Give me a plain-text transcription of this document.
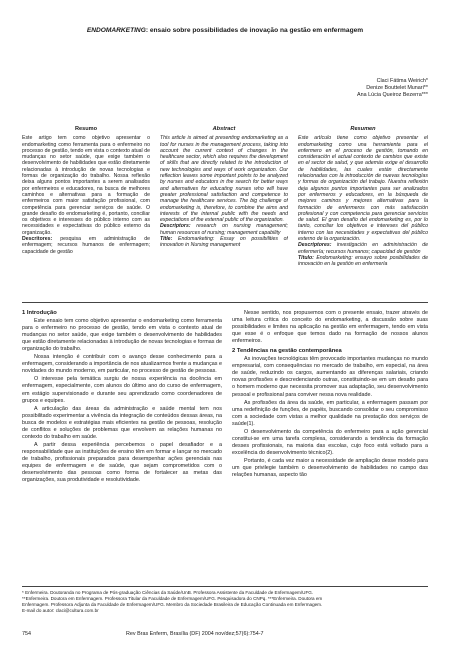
ENDOMARKETING: ensaio sobre possibilidades de inovação na gestão em enfermagem
Claci Fátima Weirich*
Denize Bouttelet Munari**
Ana Lúcia Queiroz Bezerra***
Resumo

Este artigo tem como objetivo apresentar o endomarketing como ferramenta para o enfermeiro no processo de gestão, tendo em vista o contexto atual de mudanças no setor saúde, que exige também o desenvolvimento de habilidades que estão diretamente relacionadas à introdução de novas tecnologias e formas de organização do trabalho. Nossa reflexão deixa alguns pontos importantes a serem analisados por enfermeiros e educadores, na busca de melhores caminhos e alternativas para a formação de enfermeiros com maior satisfação profissional, com competência para gerenciar serviços de saúde. O grande desafio do endomarketing é, portanto, conciliar os objetivos e interesses do público interno com as necessidades e expectativas do público externo da organização.

Descritores: pesquisa em administração de enfermagem; recursos humanos de enfermagem; capacidade de gestão

Abstract

This article is aimed at presenting endomarketing as a tool for nurses in the management process, taking into account the current context of changes in the healthcare sector, which also requires the development of skills that are directly related to the introduction of new technologies and ways of work organization. Our reflection leaves some important points to be analyzed by nurses and educators in the search for better ways and alternatives for educating nurses who will have greater professional satisfaction and competence to manage the healthcare services. The big challenge of endomarketing is, therefore, to combine the aims and interests of the internal public with the needs and expectations of the external public of the organization.

Descriptors: research on nursing management; human resources of nursing; management capability

Title: Endomarketing: Essay on possibilities of innovation in Nursing management

Resumen

Este artículo tiene como objetivo presentar el endomarketing como una herramienta para el enfermero en el proceso de gestión, tomando en consideración el actual contexto de cambios que existe en el sector de salud, y que además exige el desarrollo de habilidades, las cuales están directamente relacionadas con la introducción de nuevas tecnologías y formas de organización del trabajo. Nuestra reflexión deja algunos puntos importantes para ser analizados por enfermeros y educadores, en la búsqueda de mejores caminos y mejores alternativas para la formación de enfermeros con más satisfacción profesional y con competencia para gerenciar servicios de salud. El gran desafío del endomarketing es, por lo tanto, conciliar los objetivos e intereses del público interno con las necesidades y expectativas del público externo de la organización.

Descriptores: investigación en administración de enfermería; recursos humanos; capacidad de gestión

Título: Endomarketing: ensayo sobre posibilidades de innovación en la gestión en enfermería

1 Introdução

Este ensaio tem como objetivo apresentar o endomarketing como ferramenta para o enfermeiro no processo de gestão, tendo em vista o contexto atual de mudanças no setor saúde, que exige também o desenvolvimento de habilidades que estão diretamente relacionadas à introdução de novas tecnologias e formas de organização do trabalho.

Nossa intenção é contribuir com o avanço desse conhecimento para a enfermagem, considerando a importância de nos atualizarmos frente a mudanças e novidades do mundo moderno, em particular, no processo de gestão de pessoas.

O interesse pela temática surgiu de nossa experiência na docência em enfermagem, especialmente, com alunos do último ano do curso de enfermagem, em estágio supervisionado e durante seu aprendizado como coordenadores de grupos e equipes.

A articulação das áreas da administração e saúde mental tem nos possibilitado experimentar a vivência da integração de conteúdos dessas áreas, na busca de modelos e estratégias mais eficientes na gestão de pessoas, resolução de conflitos e soluções de problemas que envolvem as relações humanas no contexto do trabalho em saúde.

A partir dessa experiência percebemos o papel desafiador e a responsabilidade que as instituições de ensino têm em formar e lançar no mercado de trabalho, profissionais preparados para desempenhar ações gerenciais nas equipes de enfermagem e de saúde, que sejam comprometidos com o desenvolvimento das pessoas como forma de fortalecer as metas das organizações, sua produtividade e resolutividade.

Nesse sentido, nos propusemos com o presente ensaio, trazer através de uma leitura crítica do conceito do endomarketing, a discussão sobre suas possibilidades e limites na aplicação na gestão em enfermagem, tendo em vista que esse é o enfoque que temos dado na formação de nossos alunos enfermeiros.

2 Tendências na gestão contemporânea

As inovações tecnológicas têm provocado importantes mudanças no mundo empresarial, com consequências no mercado de trabalho, em especial, na área de saúde, reduzindo os cargos, aumentando as diferenças salariais, criando novas profissões e descredenciando outras, constituindo-se em um desafio para o homem moderno que necessita promover sua adaptação, seu desenvolvimento pessoal e profissional para conviver nessa nova realidade.

As profissões da área da saúde, em particular, a enfermagem passam por uma redefinição de funções, de papéis, buscando consolidar o seu compromisso com a sociedade com vistas a melhor qualidade na prestação dos serviços de saúde(1).

O desenvolvimento da competência do enfermeiro para a ação gerencial constitui-se em uma tarefa complexa, considerando a tendência da formação desses profissionais, na maioria das escolas, cujo foco está voltado para a excelência do desenvolvimento técnico(2).

Portanto, é cada vez maior a necessidade de ampliação desse modelo para um que privilegie também o desenvolvimento de habilidades no campo das relações humanas, aspecto tão

* Enfermeira. Doutoranda no Programa de Pós-graduação Ciências da Saúde/UnB. Professora Assistente da Faculdade de Enfermagem/UFG.
**Enfermeira. Doutora em Enfermagem. Professora Titular da Faculdade de Enfermagem/UFG. Pesquisadora do CNPq. ***Enfermeira. Doutora em
Enfermagem. Professora Adjunta da Faculdade de Enfermagem/UFG. Membro da Sociedade Brasileira de Educação Continuada em Enfermagem.
E-mail do autor: claci@cultura.com.br
754	Rev Bras Enferm, Brasília (DF) 2004 nov/dez;57(6):754-7
